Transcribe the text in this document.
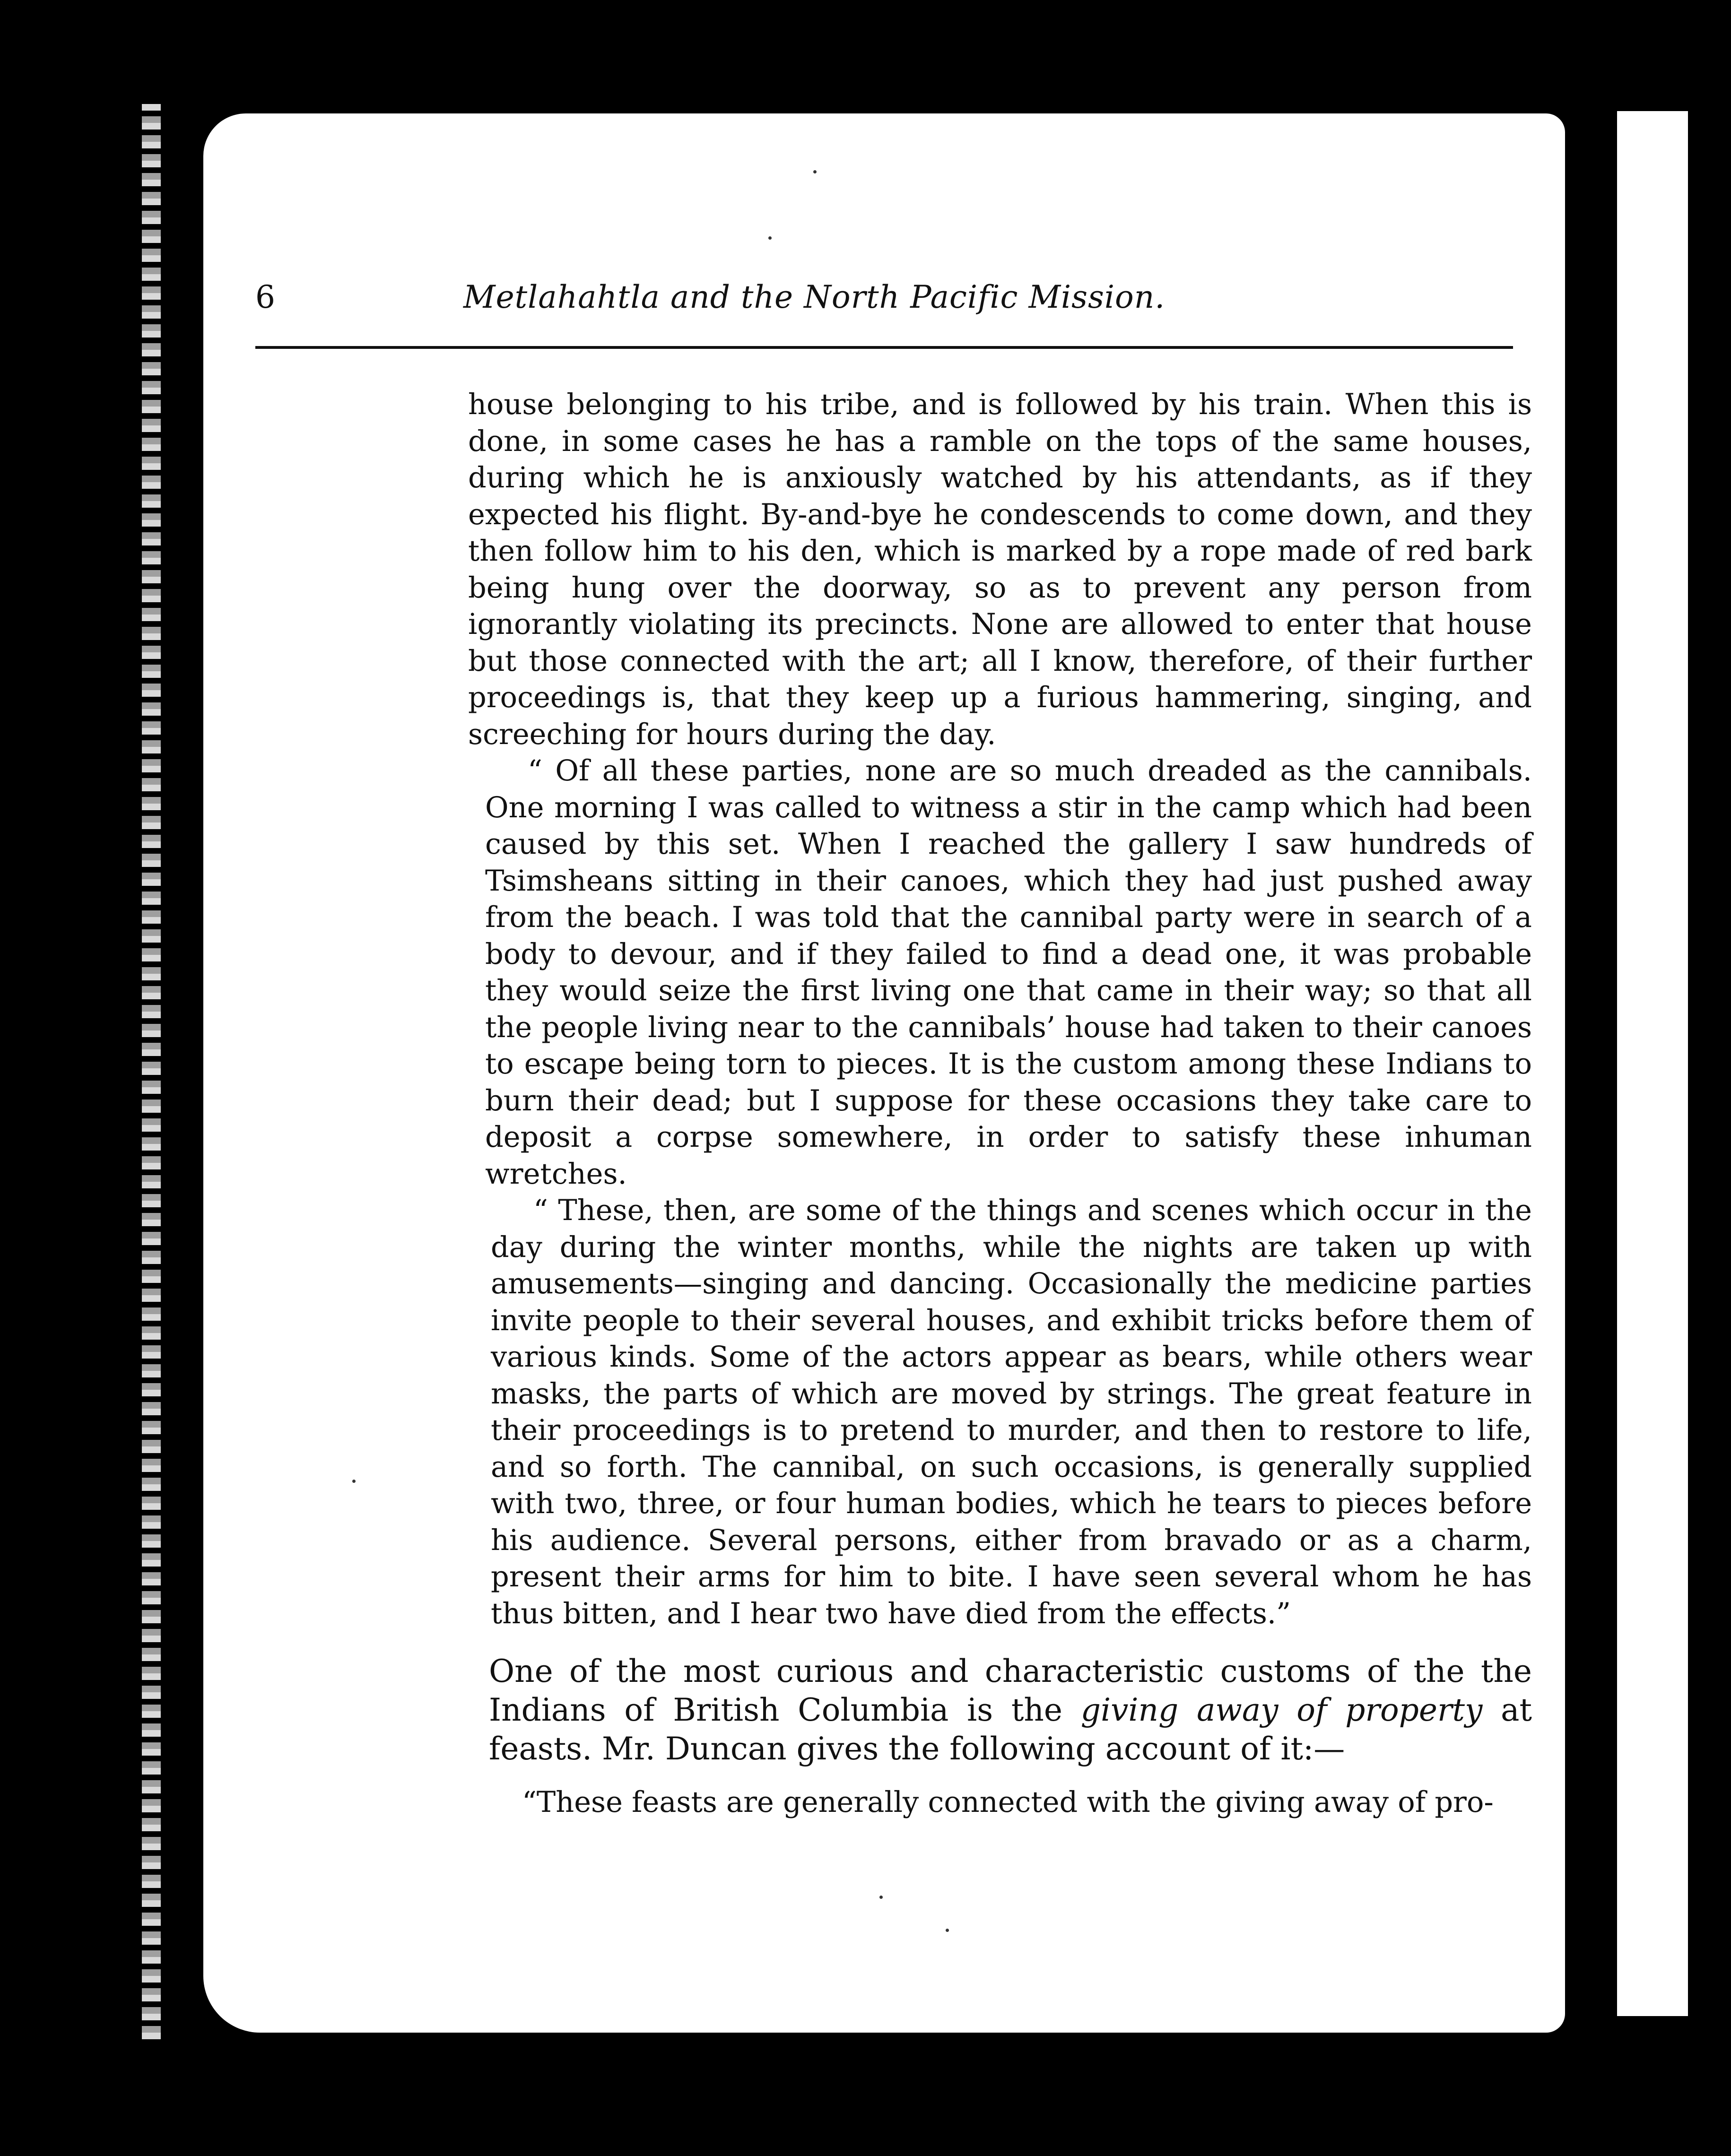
6	Metlahahtla and the North Pacific Mission.

house belonging to his tribe, and is followed by his train. When this is done, in some cases he has a ramble on the tops of the same houses, during which he is anxiously watched by his attendants, as if they expected his flight. By-and-bye he condescends to come down, and they then follow him to his den, which is marked by a rope made of red bark being hung over the doorway, so as to prevent any person from ignorantly violating its precincts. None are allowed to enter that house but those connected with the art; all I know, therefore, of their further proceedings is, that they keep up a furious hammering, singing, and screeching for hours during the day.

“ Of all these parties, none are so much dreaded as the cannibals. One morning I was called to witness a stir in the camp which had been caused by this set. When I reached the gallery I saw hundreds of Tsimsheans sitting in their canoes, which they had just pushed away from the beach. I was told that the cannibal party were in search of a body to devour, and if they failed to find a dead one, it was probable they would seize the first living one that came in their way; so that all the people living near to the cannibals’ house had taken to their canoes to escape being torn to pieces. It is the custom among these Indians to burn their dead; but I suppose for these occasions they take care to deposit a corpse somewhere, in order to satisfy these inhuman wretches.

“ These, then, are some of the things and scenes which occur in the day during the winter months, while the nights are taken up with amusements—singing and dancing. Occasionally the medicine parties invite people to their several houses, and exhibit tricks before them of various kinds. Some of the actors appear as bears, while others wear masks, the parts of which are moved by strings. The great feature in their proceedings is to pretend to murder, and then to restore to life, and so forth. The cannibal, on such occasions, is generally supplied with two, three, or four human bodies, which he tears to pieces before his audience. Several persons, either from bravado or as a charm, present their arms for him to bite. I have seen several whom he has thus bitten, and I hear two have died from the effects.”

One of the most curious and characteristic customs of the the Indians of British Columbia is the giving away of property at feasts. Mr. Duncan gives the following account of it:—

“These feasts are generally connected with the giving away of pro-
